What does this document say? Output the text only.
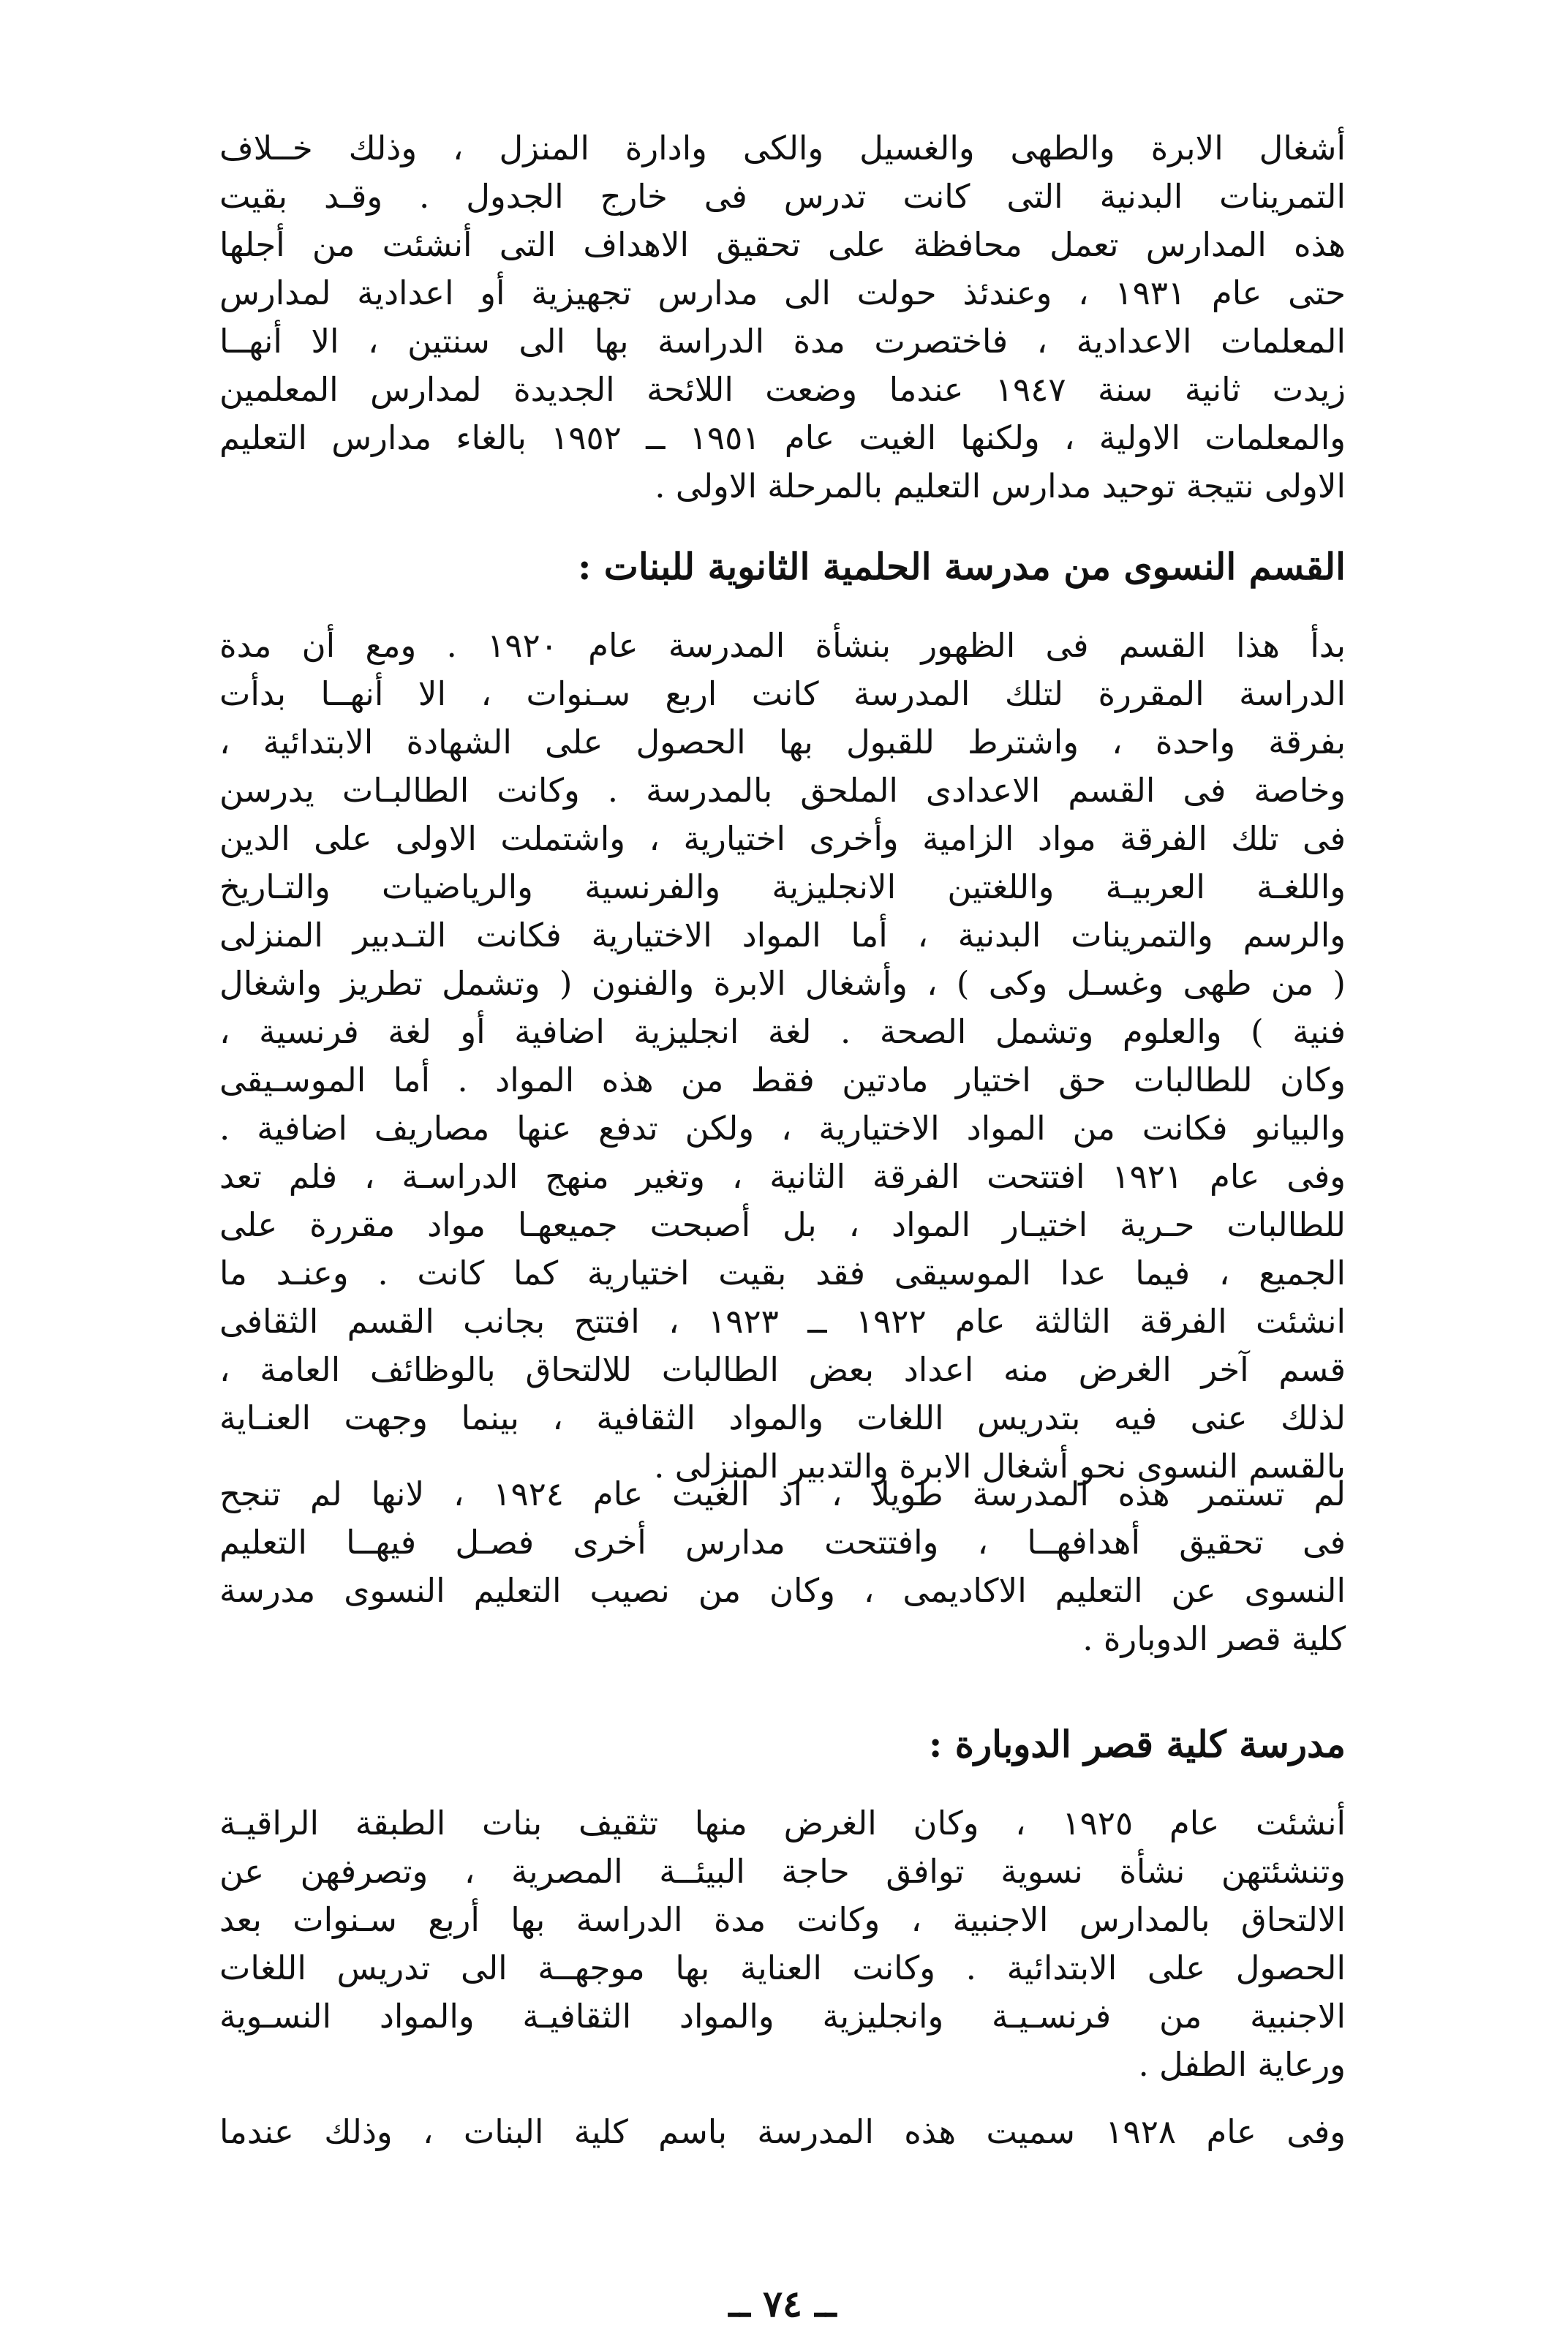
أشغال الابرة والطهى والغسيل والكى وادارة المنزل ، وذلك خــلاف
التمرينات البدنية التى كانت تدرس فى خارج الجدول . وقـد بقيت
هذه المدارس تعمل محافظة على تحقيق الاهداف التى أنشئت من أجلها
حتى عام ١٩٣١ ، وعندئذ حولت الى مدارس تجهيزية أو اعدادية لمدارس
المعلمات الاعدادية ، فاختصرت مدة الدراسة بها الى سنتين ، الا أنهــا
زيدت ثانية سنة ١٩٤٧ عندما وضعت اللائحة الجديدة لمدارس المعلمين
والمعلمات الاولية ، ولكنها الغيت عام ١٩٥١ ــ ١٩٥٢ بالغاء مدارس التعليم
الاولى نتيجة توحيد مدارس التعليم بالمرحلة الاولى .
القسم النسوى من مدرسة الحلمية الثانوية للبنات :
بدأ هذا القسم فى الظهور بنشأة المدرسة عام ١٩٢٠ . ومع أن مدة
الدراسة المقررة لتلك المدرسة كانت اربع سـنوات ، الا أنهــا بدأت
بفرقة واحدة ، واشترط للقبول بها الحصول على الشهادة الابتدائية ،
وخاصة فى القسم الاعدادى الملحق بالمدرسة . وكانت الطالبـات يدرسن
فى تلك الفرقة مواد الزامية وأخرى اختيارية ، واشتملت الاولى على الدين
واللغـة العربيـة واللغتين الانجليزية والفرنسية والرياضيات والتـاريخ
والرسم والتمرينات البدنية ، أما المواد الاختيارية فكانت التـدبير المنزلى
( من طهى وغسـل وكى ) ، وأشغال الابرة والفنون ( وتشمل تطريز واشغال
فنية ) والعلوم وتشمل الصحة . لغة انجليزية اضافية أو لغة فرنسية ،
وكان للطالبات حق اختيار مادتين فقط من هذه المواد . أما الموسـيقى
والبيانو فكانت من المواد الاختيارية ، ولكن تدفع عنها مصاريف اضافية .
وفى عام ١٩٢١ افتتحت الفرقة الثانية ، وتغير منهج الدراسـة ، فلم تعد
للطالبات حـرية اختيـار المواد ، بل أصبحت جميعهـا مواد مقررة على
الجميع ، فيما عدا الموسيقى فقد بقيت اختيارية كما كانت . وعنـد ما
انشئت الفرقة الثالثة عام ١٩٢٢ ــ ١٩٢٣ ، افتتح بجانب القسم الثقافى
قسم آخر الغرض منه اعداد بعض الطالبات للالتحاق بالوظائف العامة ،
لذلك عنى فيه بتدريس اللغات والمواد الثقافية ، بينما وجهت العنـاية
بالقسم النسوى نحو أشغال الابرة والتدبير المنزلى .
لم تستمر هذه المدرسة طويلا ، اذ الغيت عام ١٩٢٤ ، لانها لم تنجح
فى تحقيق أهدافهــا ، وافتتحت مدارس أخرى فصـل فيهــا التعليم
النسوى عن التعليم الاكاديمى ، وكان من نصيب التعليم النسوى مدرسة
كلية قصر الدوبارة .
مدرسة كلية قصر الدوبارة :
أنشئت عام ١٩٢٥ ، وكان الغرض منها تثقيف بنات الطبقة الراقيـة
وتنشئتهن نشأة نسوية توافق حاجة البيئــة المصرية ، وتصرفهن عن
الالتحاق بالمدارس الاجنبية ، وكانت مدة الدراسة بها أربع سـنوات بعد
الحصول على الابتدائية . وكانت العناية بها موجهــة الى تدريس اللغات
الاجنبية من فرنسـيـة وانجليزية والمواد الثقافيـة والمواد النسـوية
ورعاية الطفل .
وفى عام ١٩٢٨ سميت هذه المدرسة باسم كلية البنات ، وذلك عندما
ــ ٧٤ ــ
